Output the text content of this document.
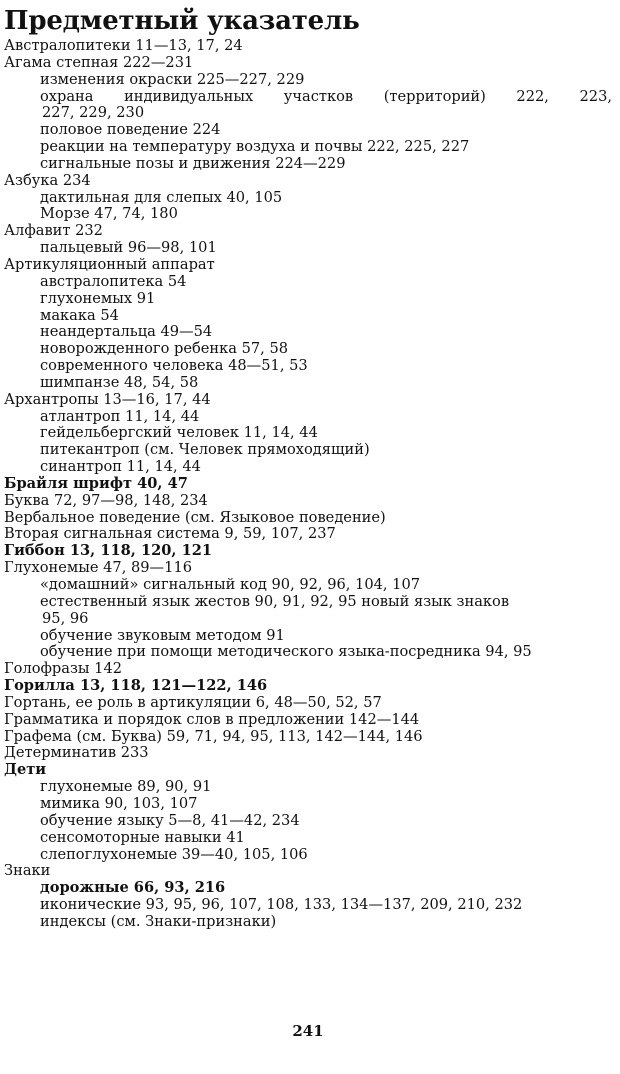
Предметный указатель
Австралопитеки 11—13, 17, 24
Агама степная 222—231
изменения окраски 225—227, 229
охрана индивидуальных участков (территорий) 222, 223,
227, 229, 230
половое поведение 224
реакции на температуру воздуха и почвы 222, 225, 227
сигнальные позы и движения 224—229
Азбука 234
дактильная для слепых 40, 105
Морзе 47, 74, 180
Алфавит 232
пальцевый 96—98, 101
Артикуляционный аппарат
австралопитека 54
глухонемых 91
макака 54
неандертальца 49—54
новорожденного ребенка 57, 58
современного человека 48—51, 53
шимпанзе 48, 54, 58
Архантропы 13—16, 17, 44
атлантроп 11, 14, 44
гейдельбергский человек 11, 14, 44
питекантроп (см. Человек прямоходящий)
синантроп 11, 14, 44
Брайля шрифт 40, 47
Буква 72, 97—98, 148, 234
Вербальное поведение (см. Языковое поведение)
Вторая сигнальная система 9, 59, 107, 237
Гиббон 13, 118, 120, 121
Глухонемые 47, 89—116
«домашний» сигнальный код 90, 92, 96, 104, 107
естественный язык жестов 90, 91, 92, 95 новый язык знаков
95, 96
обучение звуковым методом 91
обучение при помощи методического языка-посредника 94, 95
Голофразы 142
Горилла 13, 118, 121—122, 146
Гортань, ее роль в артикуляции 6, 48—50, 52, 57
Грамматика и порядок слов в предложении 142—144
Графема (см. Буква) 59, 71, 94, 95, 113, 142—144, 146
Детерминатив 233
Дети
глухонемые 89, 90, 91
мимика 90, 103, 107
обучение языку 5—8, 41—42, 234
сенсомоторные навыки 41
слепоглухонемые 39—40, 105, 106
Знаки
дорожные 66, 93, 216
иконические 93, 95, 96, 107, 108, 133, 134—137, 209, 210, 232
индексы (см. Знаки-признаки)
241
